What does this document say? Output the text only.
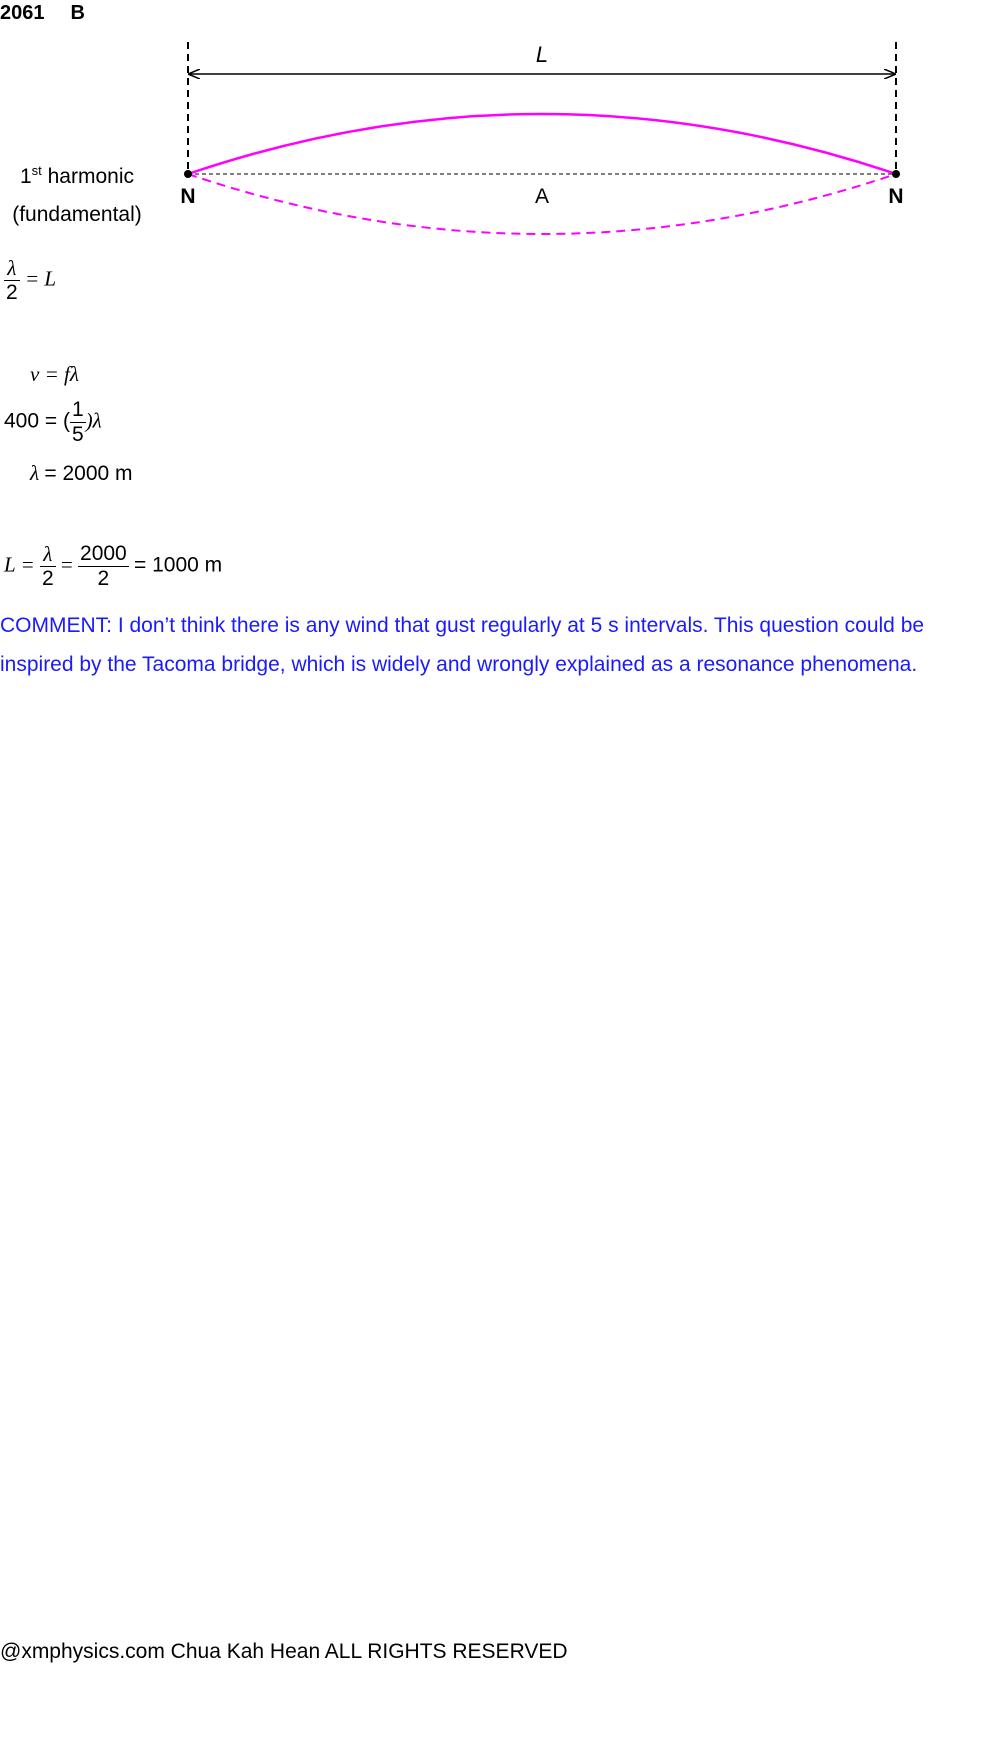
2061 B
L
N	N
A
1st harmonic
(fundamental)
$\frac{\lambda}{2} = L$
v = fλ
400 = ( $\frac{1}{5} )\lambda$
λ = 2000 m
$L = \frac{\lambda}{2} = \frac{2000}{2} = 1000$ m
COMMENT: I don’t think there is any wind that gust regularly at 5 s intervals. This question could be
inspired by the Tacoma bridge, which is widely and wrongly explained as a resonance phenomena.
@xmphysics.com Chua Kah Hean ALL RIGHTS RESERVED
